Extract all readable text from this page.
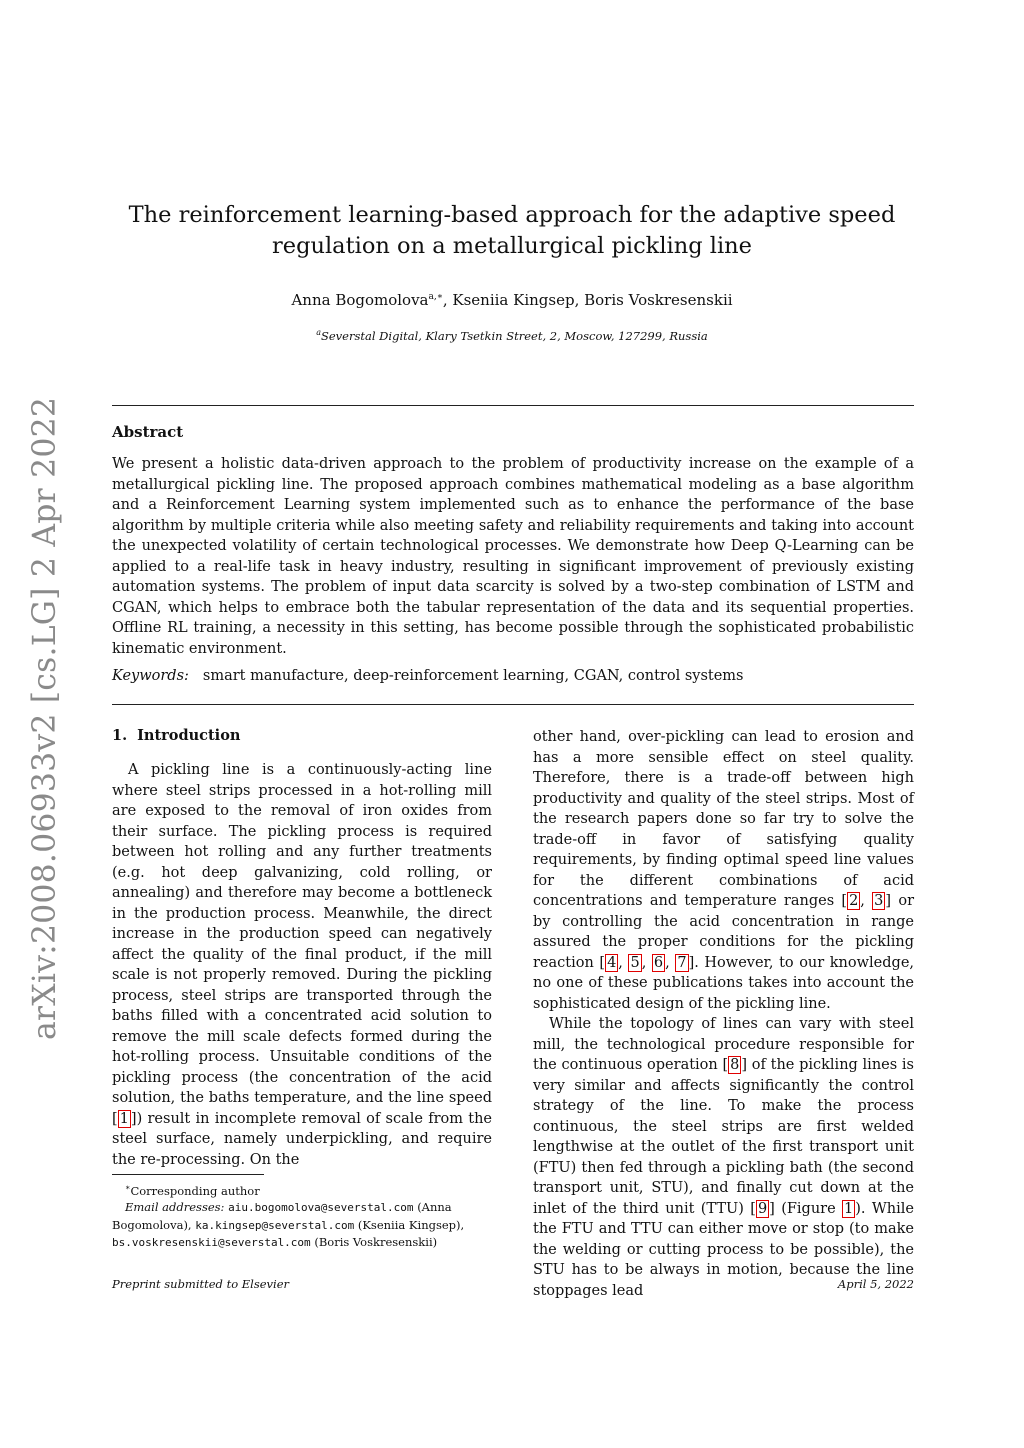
arXiv:2008.06933v2 [cs.LG] 2 Apr 2022
The reinforcement learning-based approach for the adaptive speed
regulation on a metallurgical pickling line
Anna Bogomolova$^{a,∗}$, Kseniia Kingsep, Boris Voskresenskii
$^a$Severstal Digital, Klary Tsetkin Street, 2, Moscow, 127299, Russia
Abstract

We present a holistic data-driven approach to the problem of productivity increase on the example of a metallurgical pickling line. The proposed approach combines mathematical modeling as a base algorithm and a Reinforcement Learning system implemented such as to enhance the performance of the base algorithm by multiple criteria while also meeting safety and reliability requirements and taking into account the unexpected volatility of certain technological processes. We demonstrate how Deep Q-Learning can be applied to a real-life task in heavy industry, resulting in significant improvement of previously existing automation systems. The problem of input data scarcity is solved by a two-step combination of LSTM and CGAN, which helps to embrace both the tabular representation of the data and its sequential properties. Offline RL training, a necessity in this setting, has become possible through the sophisticated probabilistic kinematic environment.

Keywords: smart manufacture, deep-reinforcement learning, CGAN, control systems
1. Introduction

A pickling line is a continuously-acting line where steel strips processed in a hot-rolling mill are exposed to the removal of iron oxides from their surface. The pickling process is required between hot rolling and any further treatments (e.g. hot deep galvanizing, cold rolling, or annealing) and therefore may become a bottleneck in the production process. Meanwhile, the direct increase in the production speed can negatively affect the quality of the final product, if the mill scale is not properly removed. During the pickling process, steel strips are transported through the baths filled with a concentrated acid solution to remove the mill scale defects formed during the hot-rolling process. Unsuitable conditions of the pickling process (the concentration of the acid solution, the baths temperature, and the line speed [ 1 ]) result in incomplete removal of scale from the steel surface, namely underpickling, and require the re-processing. On the

∗Corresponding author
Email addresses: aiu.bogomolova@severstal.com (Anna Bogomolova), ka.kingsep@severstal.com (Kseniia Kingsep), bs.voskresenskii@severstal.com (Boris Voskresenskii)

other hand, over-pickling can lead to erosion and has a more sensible effect on steel quality. Therefore, there is a trade-off between high productivity and quality of the steel strips. Most of the research papers done so far try to solve the trade-off in favor of satisfying quality requirements, by finding optimal speed line values for the different combinations of acid concentrations and temperature ranges [ 2 , 3 ] or by controlling the acid concentration in range assured the proper conditions for the pickling reaction [ 4 , 5 , 6 , 7 ]. However, to our knowledge, no one of these publications takes into account the sophisticated design of the pickling line.

While the topology of lines can vary with steel mill, the technological procedure responsible for the continuous operation [ 8 ] of the pickling lines is very similar and affects significantly the control strategy of the line. To make the process continuous, the steel strips are first welded lengthwise at the outlet of the first transport unit (FTU) then fed through a pickling bath (the second transport unit, STU), and finally cut down at the inlet of the third unit (TTU) [ 9 ] (Figure 1 ). While the FTU and TTU can either move or stop (to make the welding or cutting process to be possible), the STU has to be always in motion, because the line stoppages lead

Preprint submitted to Elsevier	April 5, 2022
